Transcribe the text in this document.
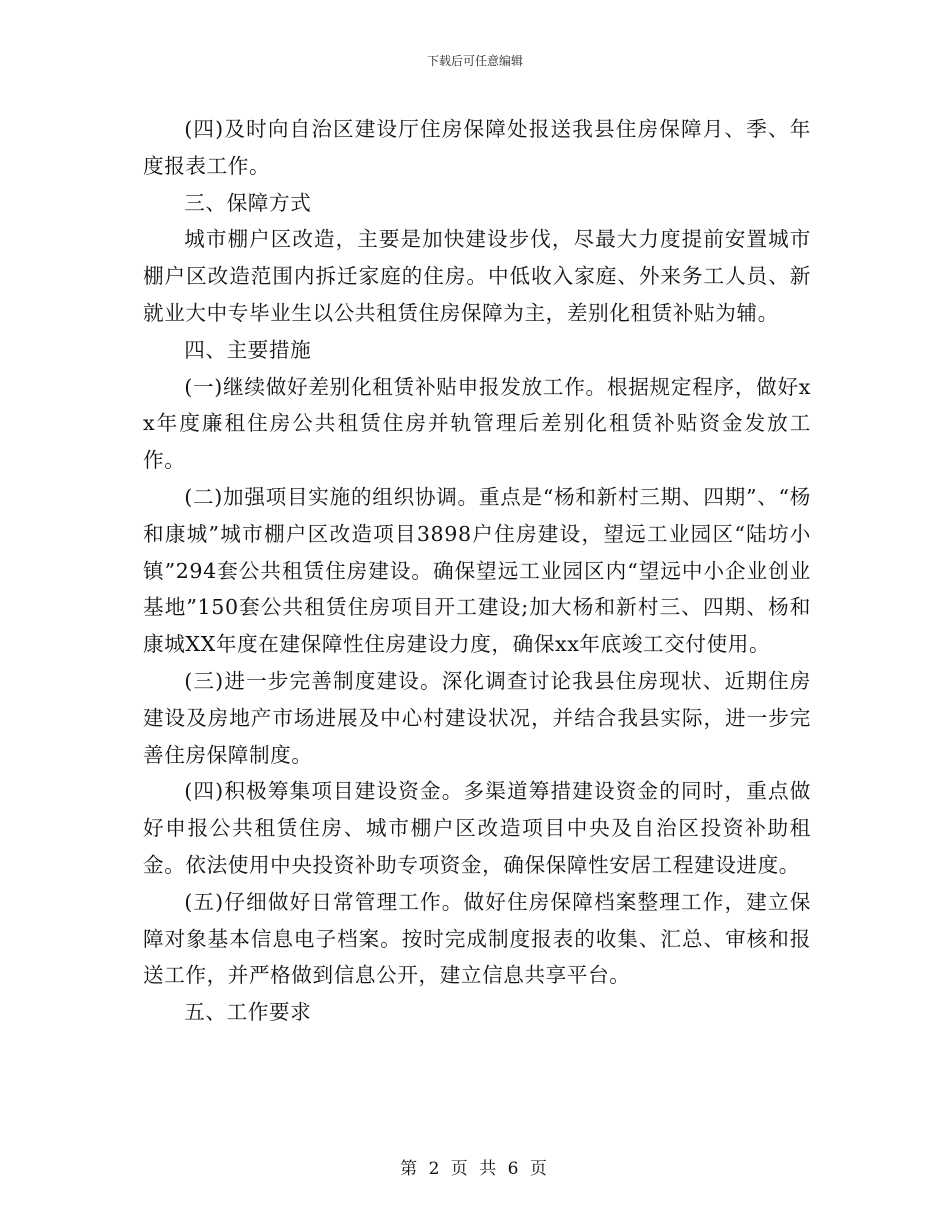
下载后可任意编辑

(四)及时向自治区建设厅住房保障处报送我县住房保障月、季、年度报表工作。

三、保障方式

城市棚户区改造，主要是加快建设步伐，尽最大力度提前安置城市棚户区改造范围内拆迁家庭的住房。中低收入家庭、外来务工人员、新就业大中专毕业生以公共租赁住房保障为主，差别化租赁补贴为辅。

四、主要措施

(一)继续做好差别化租赁补贴申报发放工作。根据规定程序，做好xx年度廉租住房公共租赁住房并轨管理后差别化租赁补贴资金发放工作。

(二)加强项目实施的组织协调。重点是“杨和新村三期、四期”、“杨和康城”城市棚户区改造项目3898户住房建设，望远工业园区“陆坊小镇”294套公共租赁住房建设。确保望远工业园区内“望远中小企业创业基地”150套公共租赁住房项目开工建设;加大杨和新村三、四期、杨和康城XX年度在建保障性住房建设力度，确保xx年底竣工交付使用。

(三)进一步完善制度建设。深化调查讨论我县住房现状、近期住房建设及房地产市场进展及中心村建设状况，并结合我县实际，进一步完善住房保障制度。

(四)积极筹集项目建设资金。多渠道筹措建设资金的同时，重点做好申报公共租赁住房、城市棚户区改造项目中央及自治区投资补助租金。依法使用中央投资补助专项资金，确保保障性安居工程建设进度。

(五)仔细做好日常管理工作。做好住房保障档案整理工作，建立保障对象基本信息电子档案。按时完成制度报表的收集、汇总、审核和报送工作，并严格做到信息公开，建立信息共享平台。

五、工作要求

第 2 页 共 6 页
